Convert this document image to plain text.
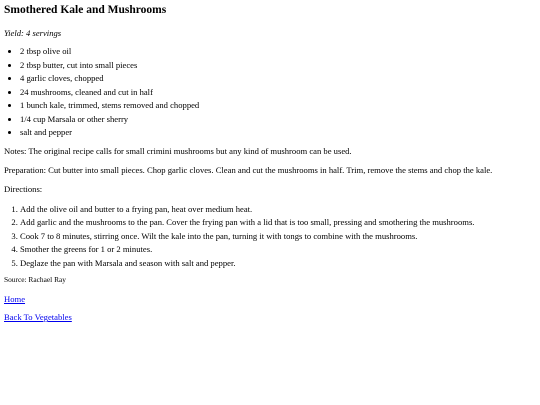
Smothered Kale and Mushrooms
Yield: 4 servings
• 2 tbsp olive oil
• 2 tbsp butter, cut into small pieces
• 4 garlic cloves, chopped
• 24 mushrooms, cleaned and cut in half
• 1 bunch kale, trimmed, stems removed and chopped
• 1/4 cup Marsala or other sherry
• salt and pepper

Notes: The original recipe calls for small crimini mushrooms but any kind of mushroom can be used.

Preparation: Cut butter into small pieces. Chop garlic cloves. Clean and cut the mushrooms in half. Trim, remove the stems and chop the kale.

Directions:

1. Add the olive oil and butter to a frying pan, heat over medium heat.
2. Add garlic and the mushrooms to the pan. Cover the frying pan with a lid that is too small, pressing and smothering the mushrooms.
3. Cook 7 to 8 minutes, stirring once. Wilt the kale into the pan, turning it with tongs to combine with the mushrooms.
4. Smother the greens for 1 or 2 minutes.
5. Deglaze the pan with Marsala and season with salt and pepper.
Source: Rachael Ray
Home
Back To Vegetables
